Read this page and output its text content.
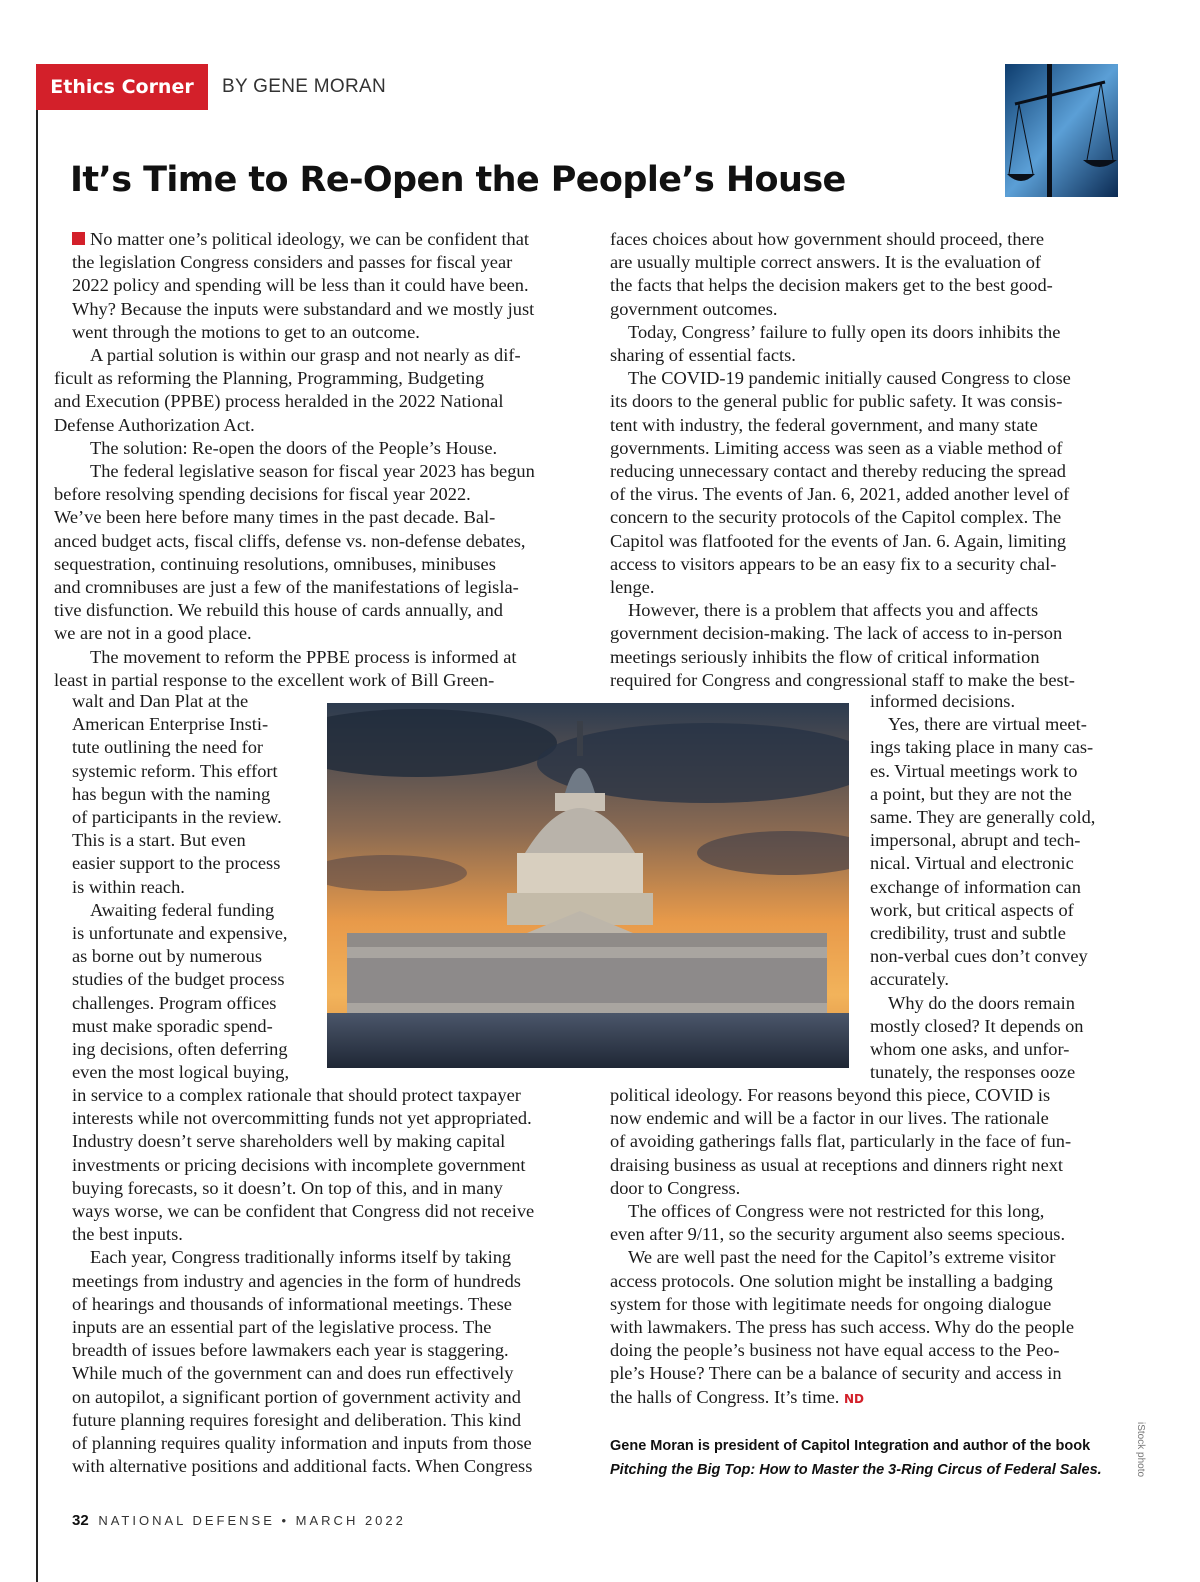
Ethics Corner	BY GENE MORAN
It’s Time to Re-Open the People’s House

No matter one’s political ideology, we can be confident that
the legislation Congress considers and passes for fiscal year
2022 policy and spending will be less than it could have been.
Why? Because the inputs were substandard and we mostly just
went through the motions to get to an outcome.

A partial solution is within our grasp and not nearly as dif-
ficult as reforming the Planning, Programming, Budgeting
and Execution (PPBE) process heralded in the 2022 National
Defense Authorization Act.

The solution: Re-open the doors of the People’s House.

The federal legislative season for fiscal year 2023 has begun
before resolving spending decisions for fiscal year 2022.
We’ve been here before many times in the past decade. Bal-
anced budget acts, fiscal cliffs, defense vs. non-defense debates,
sequestration, continuing resolutions, omnibuses, minibuses
and cromnibuses are just a few of the manifestations of legisla-
tive disfunction. We rebuild this house of cards annually, and
we are not in a good place.

The movement to reform the PPBE process is informed at
least in partial response to the excellent work of Bill Green-

walt and Dan Plat at the
American Enterprise Insti-
tute outlining the need for
systemic reform. This effort
has begun with the naming
of participants in the review.
This is a start. But even
easier support to the process
is within reach.
Awaiting federal funding
is unfortunate and expensive,
as borne out by numerous
studies of the budget process
challenges. Program offices
must make sporadic spend-
ing decisions, often deferring
even the most logical buying,
in service to a complex rationale that should protect taxpayer
interests while not overcommitting funds not yet appropriated.
Industry doesn’t serve shareholders well by making capital
investments or pricing decisions with incomplete government
buying forecasts, so it doesn’t. On top of this, and in many
ways worse, we can be confident that Congress did not receive
the best inputs.
Each year, Congress traditionally informs itself by taking
meetings from industry and agencies in the form of hundreds
of hearings and thousands of informational meetings. These
inputs are an essential part of the legislative process. The
breadth of issues before lawmakers each year is staggering.
While much of the government can and does run effectively
on autopilot, a significant portion of government activity and
future planning requires foresight and deliberation. This kind
of planning requires quality information and inputs from those
with alternative positions and additional facts. When Congress
faces choices about how government should proceed, there
are usually multiple correct answers. It is the evaluation of
the facts that helps the decision makers get to the best good-
government outcomes.
Today, Congress’ failure to fully open its doors inhibits the
sharing of essential facts.
The COVID-19 pandemic initially caused Congress to close
its doors to the general public for public safety. It was consis-
tent with industry, the federal government, and many state
governments. Limiting access was seen as a viable method of
reducing unnecessary contact and thereby reducing the spread
of the virus. The events of Jan. 6, 2021, added another level of
concern to the security protocols of the Capitol complex. The
Capitol was flatfooted for the events of Jan. 6. Again, limiting
access to visitors appears to be an easy fix to a security chal-
lenge.
However, there is a problem that affects you and affects
government decision-making. The lack of access to in-person
meetings seriously inhibits the flow of critical information
required for Congress and congressional staff to make the best-
informed decisions.
Yes, there are virtual meet-
ings taking place in many cas-
es. Virtual meetings work to
a point, but they are not the
same. They are generally cold,
impersonal, abrupt and tech-
nical. Virtual and electronic
exchange of information can
work, but critical aspects of
credibility, trust and subtle
non-verbal cues don’t convey
accurately.
Why do the doors remain
mostly closed? It depends on
whom one asks, and unfor-
tunately, the responses ooze
political ideology. For reasons beyond this piece, COVID is
now endemic and will be a factor in our lives. The rationale
of avoiding gatherings falls flat, particularly in the face of fun-
draising business as usual at receptions and dinners right next
door to Congress.
The offices of Congress were not restricted for this long,
even after 9/11, so the security argument also seems specious.
We are well past the need for the Capitol’s extreme visitor
access protocols. One solution might be installing a badging
system for those with legitimate needs for ongoing dialogue
with lawmakers. The press has such access. Why do the people
doing the people’s business not have equal access to the Peo-
ple’s House? There can be a balance of security and access in
the halls of Congress. It’s time. ND
Gene Moran is president of Capitol Integration and author of the book
Pitching the Big Top: How to Master the 3-Ring Circus of Federal Sales.	iStock photo
32 NATIONAL DEFENSE • MARCH 2022
